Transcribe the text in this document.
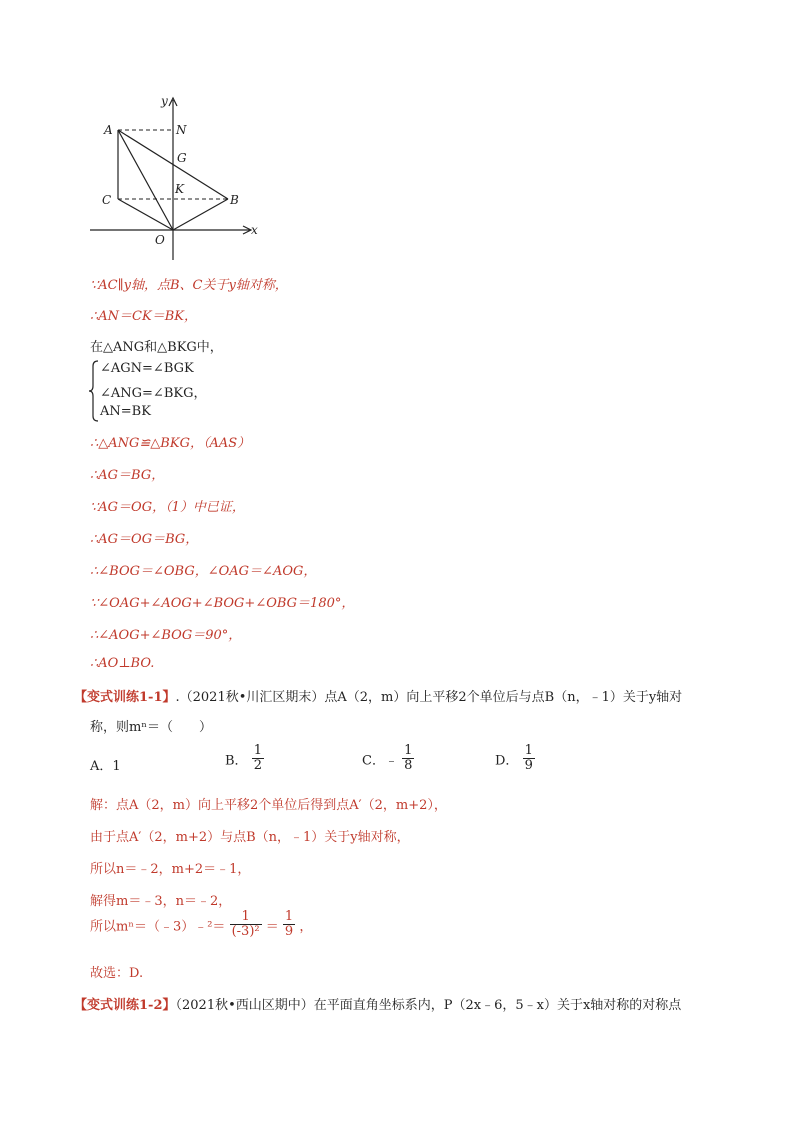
y
x
A	N
G
K
C	B
O
∵AC∥y轴，点B、C关于y轴对称，
∴AN＝CK＝BK，
在△ANG和△BKG中，
∠AGN=∠BGK
∠ANG=∠BKG，
AN=BK
∴△ANG≌△BKG，（AAS）
∴AG＝BG，
∵AG＝OG，（1）中已证，
∴AG＝OG＝BG，
∴∠BOG＝∠OBG，∠OAG＝∠AOG，
∵∠OAG+∠AOG+∠BOG+∠OBG＝180°，
∴∠AOG+∠BOG＝90°，
∴AO⊥BO.
【变式训练1-1】.（2021秋•川汇区期末）点A（2，m）向上平移2个单位后与点B（n，﹣1）关于y轴对
称，则mⁿ＝（　　）
A．1	B． $\frac{1}{2}$	C．﹣ $\frac{1}{8}$	D． $\frac{1}{9}$
解：点A（2，m）向上平移2个单位后得到点A′（2，m+2），
由于点A′（2，m+2）与点B（n，﹣1）关于y轴对称，
所以n＝﹣2，m+2＝﹣1，
解得m＝﹣3，n＝﹣2，
所以mⁿ＝（﹣3）﹣²＝ $\frac{1}{\text{(-3)²}} = \frac{1}{9}$ ，
故选：D.
【变式训练1-2】（2021秋•西山区期中）在平面直角坐标系内，P（2x﹣6，5﹣x）关于x轴对称的对称点
